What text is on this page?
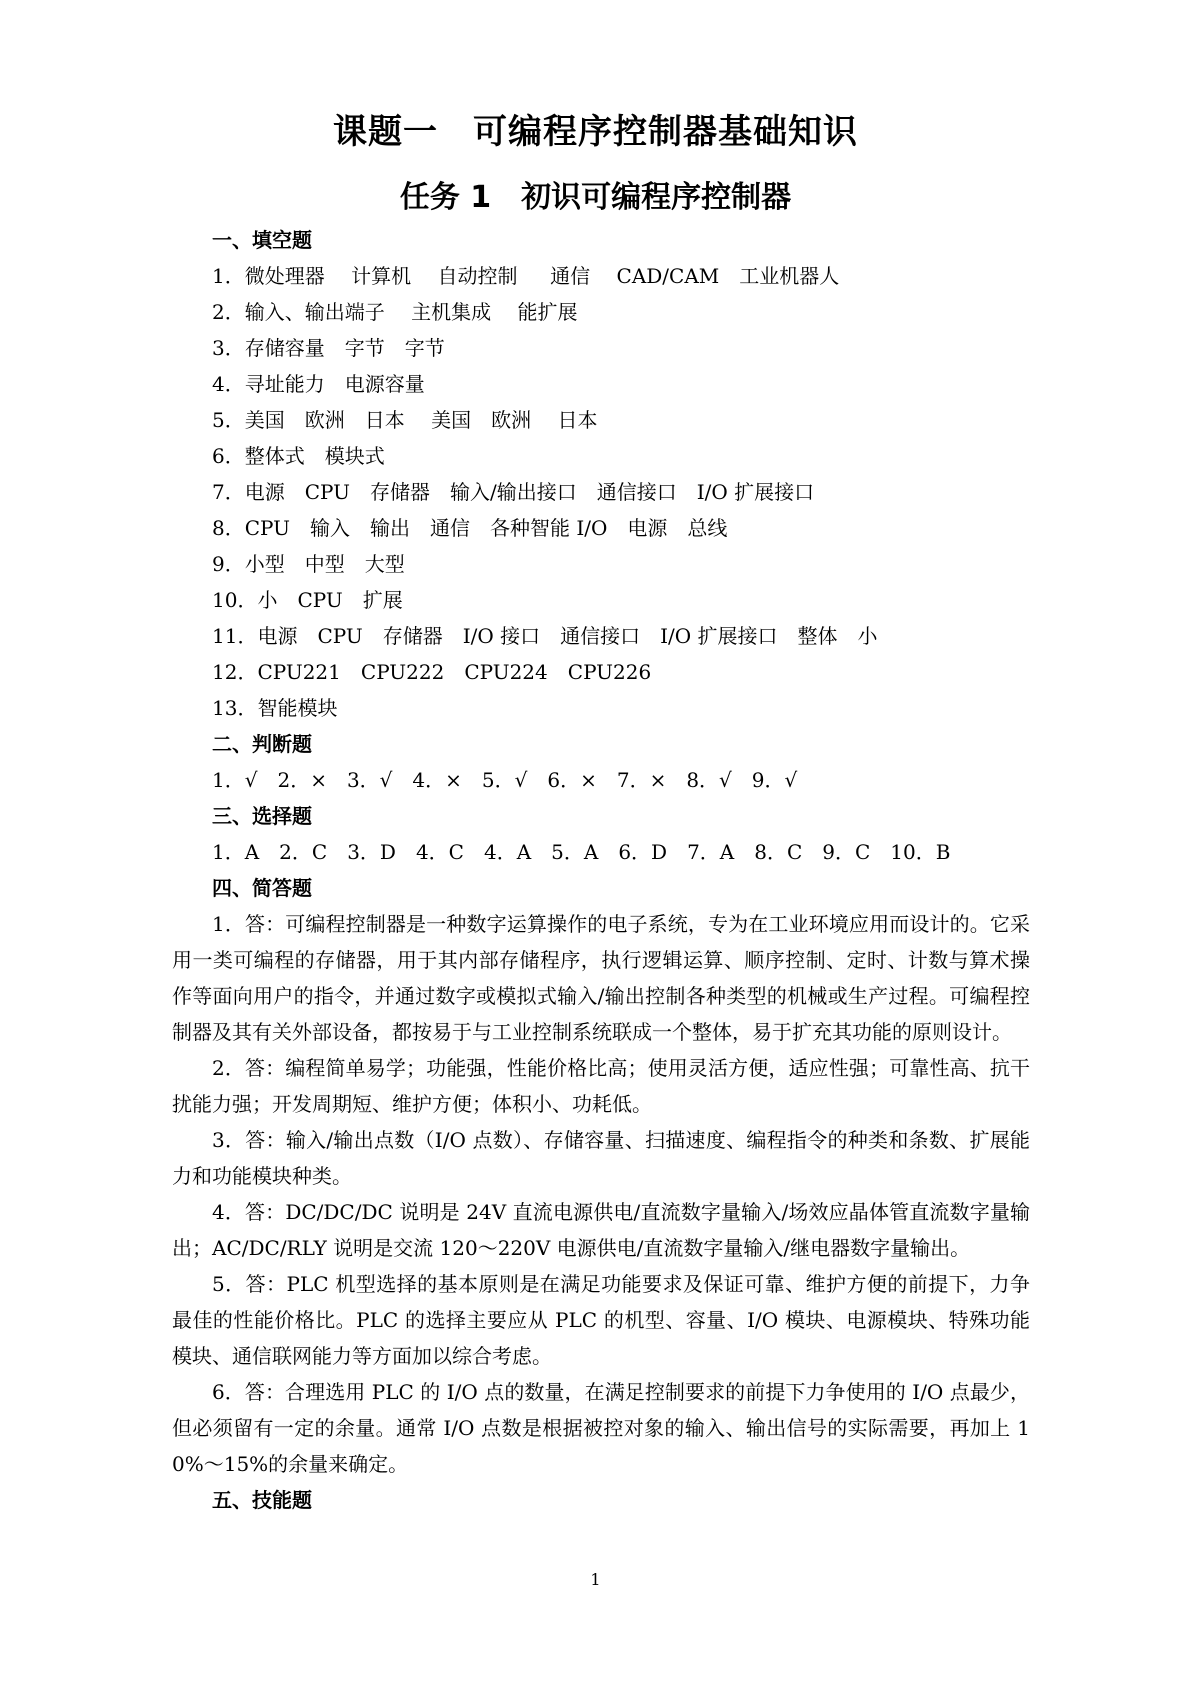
课题一　可编程序控制器基础知识
任务 1　初识可编程序控制器
一、填空题
1．微处理器　 计算机　 自动控制　  通信　 CAD/CAM　工业机器人
2．输入、输出端子　 主机集成　 能扩展
3．存储容量　字节　字节
4．寻址能力　电源容量
5．美国　欧洲　日本　 美国　欧洲　 日本
6．整体式　模块式
7．电源　CPU　存储器　输入/输出接口　通信接口　I/O 扩展接口
8．CPU　输入　输出　通信　各种智能 I/O　电源　总线
9．小型　中型　大型
10．小　CPU　扩展
11．电源　CPU　存储器　I/O 接口　通信接口　I/O 扩展接口　整体　小
12．CPU221　CPU222　CPU224　CPU226
13．智能模块
二、判断题
1．√　2．×　3．√　4．×　5．√　6．×　7．×　8．√　9．√
三、选择题
1．A　2．C　3．D　4．C　4．A　5．A　6．D　7．A　8．C　9．C　10．B
四、简答题
1．答：可编程控制器是一种数字运算操作的电子系统，专为在工业环境应用而设计的。它采用一类可编程的存储器，用于其内部存储程序，执行逻辑运算、顺序控制、定时、计数与算术操作等面向用户的指令，并通过数字或模拟式输入/输出控制各种类型的机械或生产过程。可编程控制器及其有关外部设备，都按易于与工业控制系统联成一个整体，易于扩充其功能的原则设计。
2．答：编程简单易学；功能强，性能价格比高；使用灵活方便，适应性强；可靠性高、抗干扰能力强；开发周期短、维护方便；体积小、功耗低。
3．答：输入/输出点数（I/O 点数）、存储容量、扫描速度、编程指令的种类和条数、扩展能力和功能模块种类。
4．答：DC/DC/DC 说明是 24V 直流电源供电/直流数字量输入/场效应晶体管直流数字量输出；AC/DC/RLY 说明是交流 120～220V 电源供电/直流数字量输入/继电器数字量输出。
5．答：PLC 机型选择的基本原则是在满足功能要求及保证可靠、维护方便的前提下，力争最佳的性能价格比。PLC 的选择主要应从 PLC 的机型、容量、I/O 模块、电源模块、特殊功能模块、通信联网能力等方面加以综合考虑。
6．答：合理选用 PLC 的 I/O 点的数量，在满足控制要求的前提下力争使用的 I/O 点最少，但必须留有一定的余量。通常 I/O 点数是根据被控对象的输入、输出信号的实际需要，再加上 10%～15%的余量来确定。
五、技能题
1
